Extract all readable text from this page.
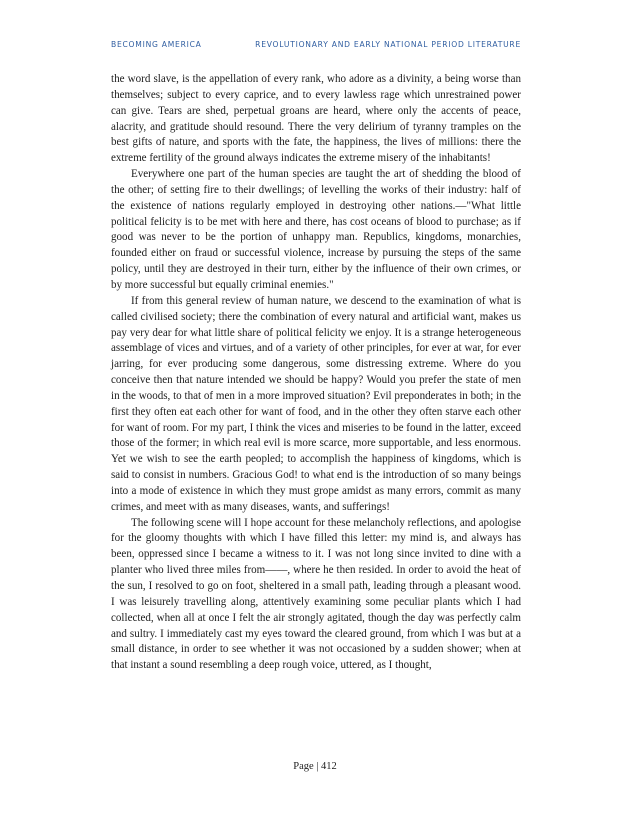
BECOMING AMERICA	REVOLUTIONARY AND EARLY NATIONAL PERIOD LITERATURE

the word slave, is the appellation of every rank, who adore as a divinity, a being worse than themselves; subject to every caprice, and to every lawless rage which unrestrained power can give. Tears are shed, perpetual groans are heard, where only the accents of peace, alacrity, and gratitude should resound. There the very delirium of tyranny tramples on the best gifts of nature, and sports with the fate, the happiness, the lives of millions: there the extreme fertility of the ground always indicates the extreme misery of the inhabitants!

Everywhere one part of the human species are taught the art of shedding the blood of the other; of setting fire to their dwellings; of levelling the works of their industry: half of the existence of nations regularly employed in destroying other nations.—"What little political felicity is to be met with here and there, has cost oceans of blood to purchase; as if good was never to be the portion of unhappy man. Republics, kingdoms, monarchies, founded either on fraud or successful violence, increase by pursuing the steps of the same policy, until they are destroyed in their turn, either by the influence of their own crimes, or by more successful but equally criminal enemies."

If from this general review of human nature, we descend to the examination of what is called civilised society; there the combination of every natural and artificial want, makes us pay very dear for what little share of political felicity we enjoy. It is a strange heterogeneous assemblage of vices and virtues, and of a variety of other principles, for ever at war, for ever jarring, for ever producing some dangerous, some distressing extreme. Where do you conceive then that nature intended we should be happy? Would you prefer the state of men in the woods, to that of men in a more improved situation? Evil preponderates in both; in the first they often eat each other for want of food, and in the other they often starve each other for want of room. For my part, I think the vices and miseries to be found in the latter, exceed those of the former; in which real evil is more scarce, more supportable, and less enormous. Yet we wish to see the earth peopled; to accomplish the happiness of kingdoms, which is said to consist in numbers. Gracious God! to what end is the introduction of so many beings into a mode of existence in which they must grope amidst as many errors, commit as many crimes, and meet with as many diseases, wants, and sufferings!

The following scene will I hope account for these melancholy reflections, and apologise for the gloomy thoughts with which I have filled this letter: my mind is, and always has been, oppressed since I became a witness to it. I was not long since invited to dine with a planter who lived three miles from——, where he then resided. In order to avoid the heat of the sun, I resolved to go on foot, sheltered in a small path, leading through a pleasant wood. I was leisurely travelling along, attentively examining some peculiar plants which I had collected, when all at once I felt the air strongly agitated, though the day was perfectly calm and sultry. I immediately cast my eyes toward the cleared ground, from which I was but at a small distance, in order to see whether it was not occasioned by a sudden shower; when at that instant a sound resembling a deep rough voice, uttered, as I thought,

Page | 412
